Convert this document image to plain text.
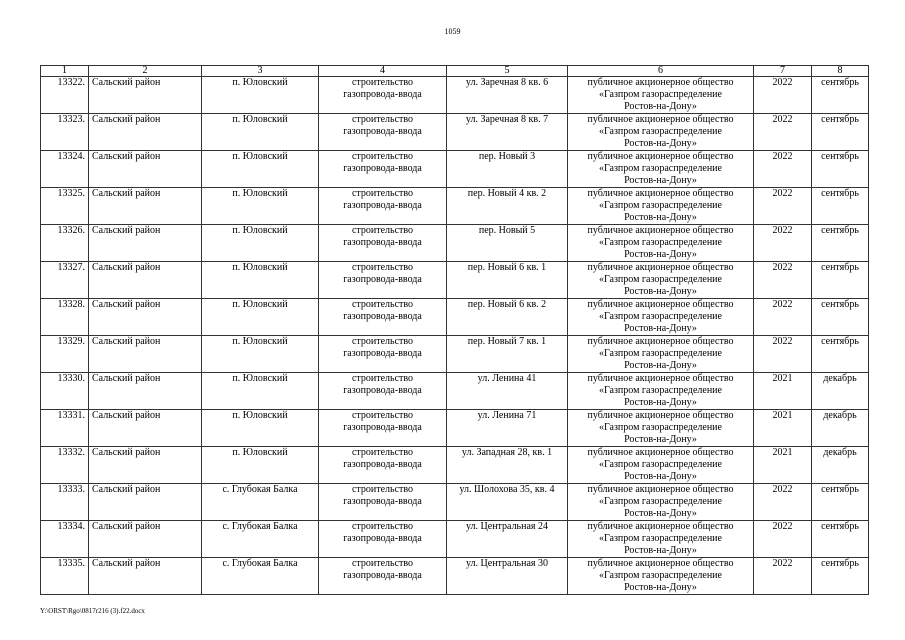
1059
1	2	3	4	5	6	7	8
13322.	Сальский район	п. Юловский	строительство
газопровода-ввода	ул. Заречная 8 кв. 6	публичное акционерное общество
«Газпром газораспределение
Ростов-на-Дону»	2022	сентябрь
13323.	Сальский район	п. Юловский	строительство
газопровода-ввода	ул. Заречная 8 кв. 7	публичное акционерное общество
«Газпром газораспределение
Ростов-на-Дону»	2022	сентябрь
13324.	Сальский район	п. Юловский	строительство
газопровода-ввода	пер. Новый 3	публичное акционерное общество
«Газпром газораспределение
Ростов-на-Дону»	2022	сентябрь
13325.	Сальский район	п. Юловский	строительство
газопровода-ввода	пер. Новый 4 кв. 2	публичное акционерное общество
«Газпром газораспределение
Ростов-на-Дону»	2022	сентябрь
13326.	Сальский район	п. Юловский	строительство
газопровода-ввода	пер. Новый 5	публичное акционерное общество
«Газпром газораспределение
Ростов-на-Дону»	2022	сентябрь
13327.	Сальский район	п. Юловский	строительство
газопровода-ввода	пер. Новый 6 кв. 1	публичное акционерное общество
«Газпром газораспределение
Ростов-на-Дону»	2022	сентябрь
13328.	Сальский район	п. Юловский	строительство
газопровода-ввода	пер. Новый 6 кв. 2	публичное акционерное общество
«Газпром газораспределение
Ростов-на-Дону»	2022	сентябрь
13329.	Сальский район	п. Юловский	строительство
газопровода-ввода	пер. Новый 7 кв. 1	публичное акционерное общество
«Газпром газораспределение
Ростов-на-Дону»	2022	сентябрь
13330.	Сальский район	п. Юловский	строительство
газопровода-ввода	ул. Ленина 41	публичное акционерное общество
«Газпром газораспределение
Ростов-на-Дону»	2021	декабрь
13331.	Сальский район	п. Юловский	строительство
газопровода-ввода	ул. Ленина 71	публичное акционерное общество
«Газпром газораспределение
Ростов-на-Дону»	2021	декабрь
13332.	Сальский район	п. Юловский	строительство
газопровода-ввода	ул. Западная 28, кв. 1	публичное акционерное общество
«Газпром газораспределение
Ростов-на-Дону»	2021	декабрь
13333.	Сальский район	с. Глубокая Балка	строительство
газопровода-ввода	ул. Шолохова 35, кв. 4	публичное акционерное общество
«Газпром газораспределение
Ростов-на-Дону»	2022	сентябрь
13334.	Сальский район	с. Глубокая Балка	строительство
газопровода-ввода	ул. Центральная 24	публичное акционерное общество
«Газпром газораспределение
Ростов-на-Дону»	2022	сентябрь
13335.	Сальский район	с. Глубокая Балка	строительство
газопровода-ввода	ул. Центральная 30	публичное акционерное общество
«Газпром газораспределение
Ростов-на-Дону»	2022	сентябрь
Y:\ORST\Rgo\0817r216 (3).f22.docx
